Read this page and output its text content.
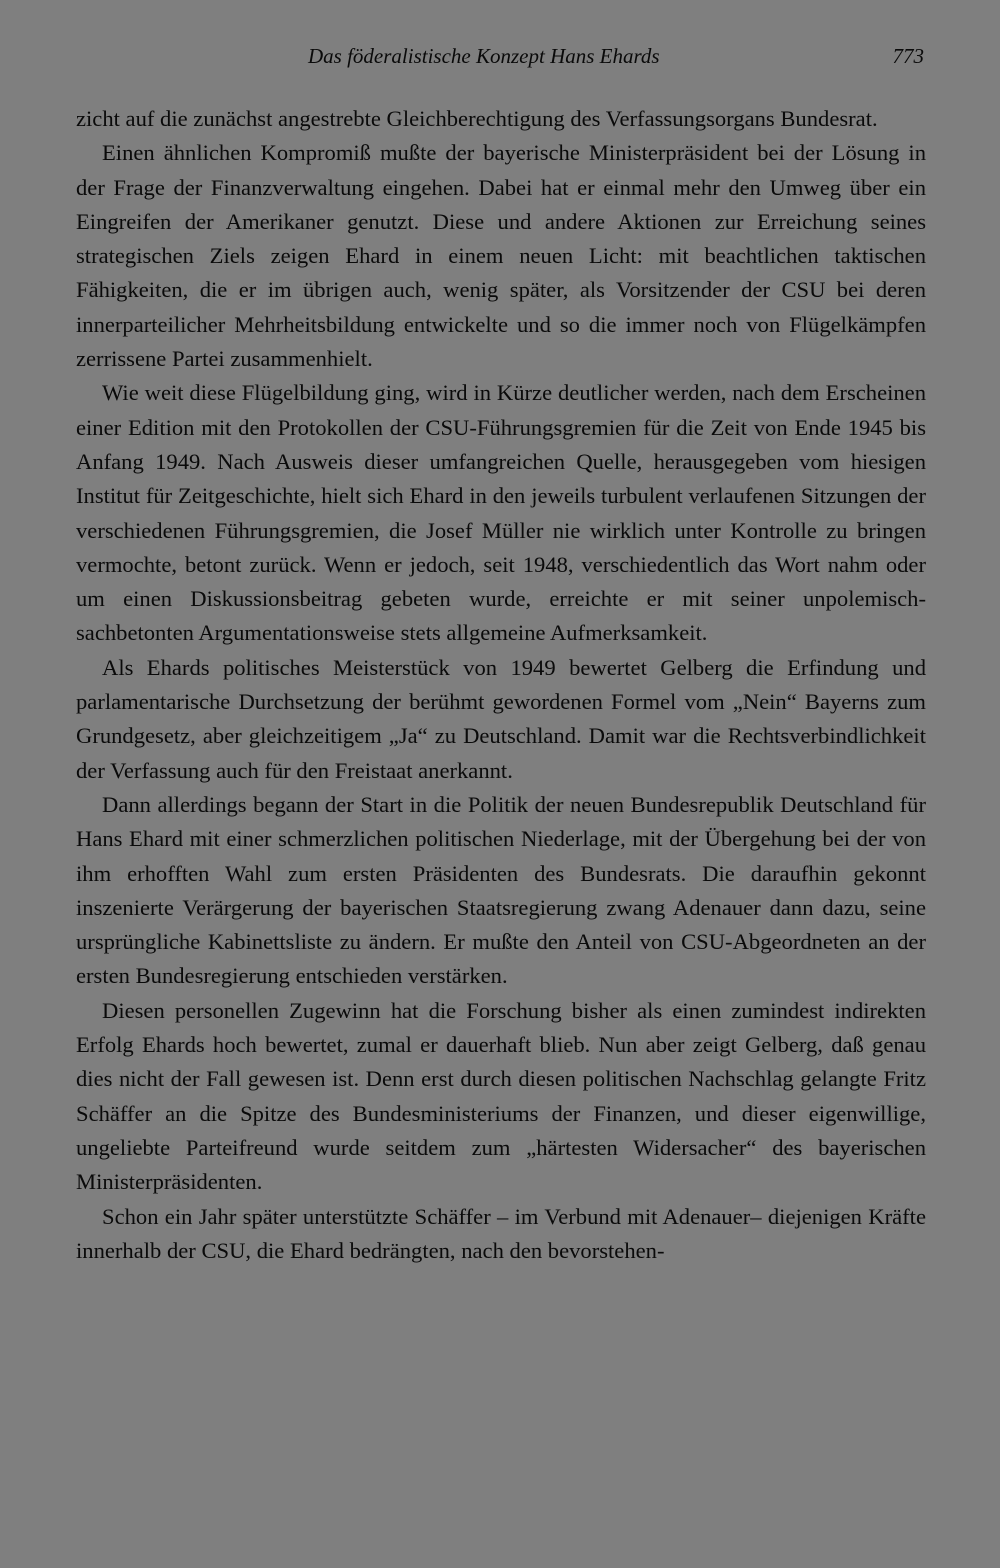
Das föderalistische Konzept Hans Ehards	773

zicht auf die zunächst angestrebte Gleichberechtigung des Verfassungsorgans Bundesrat.

Einen ähnlichen Kompromiß mußte der bayerische Ministerpräsident bei der Lösung in der Frage der Finanzverwaltung eingehen. Dabei hat er einmal mehr den Umweg über ein Eingreifen der Amerikaner genutzt. Diese und andere Aktionen zur Erreichung seines strategischen Ziels zeigen Ehard in einem neuen Licht: mit beachtlichen taktischen Fähigkeiten, die er im übrigen auch, wenig später, als Vorsitzender der CSU bei deren innerparteilicher Mehrheitsbildung entwickelte und so die immer noch von Flügelkämpfen zerrissene Partei zusammenhielt.

Wie weit diese Flügelbildung ging, wird in Kürze deutlicher werden, nach dem Erscheinen einer Edition mit den Protokollen der CSU-Führungsgremien für die Zeit von Ende 1945 bis Anfang 1949. Nach Ausweis dieser umfangreichen Quelle, herausgegeben vom hiesigen Institut für Zeitgeschichte, hielt sich Ehard in den jeweils turbulent verlaufenen Sitzungen der verschiedenen Führungsgremien, die Josef Müller nie wirklich unter Kontrolle zu bringen vermochte, betont zurück. Wenn er jedoch, seit 1948, verschiedentlich das Wort nahm oder um einen Diskussionsbeitrag gebeten wurde, erreichte er mit seiner unpolemisch-sachbetonten Argumentationsweise stets allgemeine Aufmerksamkeit.

Als Ehards politisches Meisterstück von 1949 bewertet Gelberg die Erfindung und parlamentarische Durchsetzung der berühmt gewordenen Formel vom „Nein“ Bayerns zum Grundgesetz, aber gleichzeitigem „Ja“ zu Deutschland. Damit war die Rechtsverbindlichkeit der Verfassung auch für den Freistaat anerkannt.

Dann allerdings begann der Start in die Politik der neuen Bundesrepublik Deutschland für Hans Ehard mit einer schmerzlichen politischen Niederlage, mit der Übergehung bei der von ihm erhofften Wahl zum ersten Präsidenten des Bundesrats. Die daraufhin gekonnt inszenierte Verärgerung der bayerischen Staatsregierung zwang Adenauer dann dazu, seine ursprüngliche Kabinettsliste zu ändern. Er mußte den Anteil von CSU-Abgeordneten an der ersten Bundesregierung entschieden verstärken.

Diesen personellen Zugewinn hat die Forschung bisher als einen zumindest indirekten Erfolg Ehards hoch bewertet, zumal er dauerhaft blieb. Nun aber zeigt Gelberg, daß genau dies nicht der Fall gewesen ist. Denn erst durch diesen politischen Nachschlag gelangte Fritz Schäffer an die Spitze des Bundesministeriums der Finanzen, und dieser eigenwillige, ungeliebte Parteifreund wurde seitdem zum „härtesten Widersacher“ des bayerischen Ministerpräsidenten.

Schon ein Jahr später unterstützte Schäffer – im Verbund mit Adenauer– diejenigen Kräfte innerhalb der CSU, die Ehard bedrängten, nach den bevorstehen-
